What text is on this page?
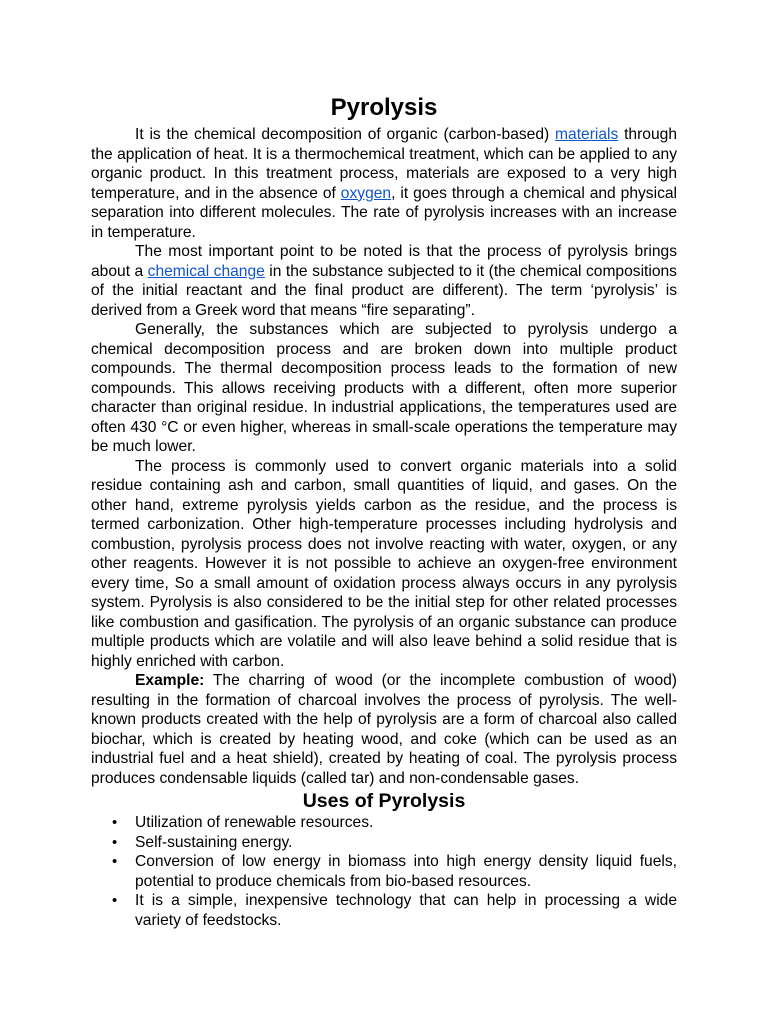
Pyrolysis

It is the chemical decomposition of organic (carbon-based) materials through the application of heat. It is a thermochemical treatment, which can be applied to any organic product. In this treatment process, materials are exposed to a very high temperature, and in the absence of oxygen, it goes through a chemical and physical separation into different molecules. The rate of pyrolysis increases with an increase in temperature.

The most important point to be noted is that the process of pyrolysis brings about a chemical change in the substance subjected to it (the chemical compositions of the initial reactant and the final product are different). The term ‘pyrolysis’ is derived from a Greek word that means “fire separating”.

Generally, the substances which are subjected to pyrolysis undergo a chemical decomposition process and are broken down into multiple product compounds. The thermal decomposition process leads to the formation of new compounds. This allows receiving products with a different, often more superior character than original residue. In industrial applications, the temperatures used are often 430 °C or even higher, whereas in small-scale operations the temperature may be much lower.

The process is commonly used to convert organic materials into a solid residue containing ash and carbon, small quantities of liquid, and gases. On the other hand, extreme pyrolysis yields carbon as the residue, and the process is termed carbonization. Other high-temperature processes including hydrolysis and combustion, pyrolysis process does not involve reacting with water, oxygen, or any other reagents. However it is not possible to achieve an oxygen-free environment every time, So a small amount of oxidation process always occurs in any pyrolysis system. Pyrolysis is also considered to be the initial step for other related processes like combustion and gasification. The pyrolysis of an organic substance can produce multiple products which are volatile and will also leave behind a solid residue that is highly enriched with carbon.

Example: The charring of wood (or the incomplete combustion of wood) resulting in the formation of charcoal involves the process of pyrolysis. The well-known products created with the help of pyrolysis are a form of charcoal also called biochar, which is created by heating wood, and coke (which can be used as an industrial fuel and a heat shield), created by heating of coal. The pyrolysis process produces condensable liquids (called tar) and non-condensable gases.

Uses of Pyrolysis
• Utilization of renewable resources.
• Self-sustaining energy.
• Conversion of low energy in biomass into high energy density liquid fuels, potential to produce chemicals from bio-based resources.
• It is a simple, inexpensive technology that can help in processing a wide variety of feedstocks.
